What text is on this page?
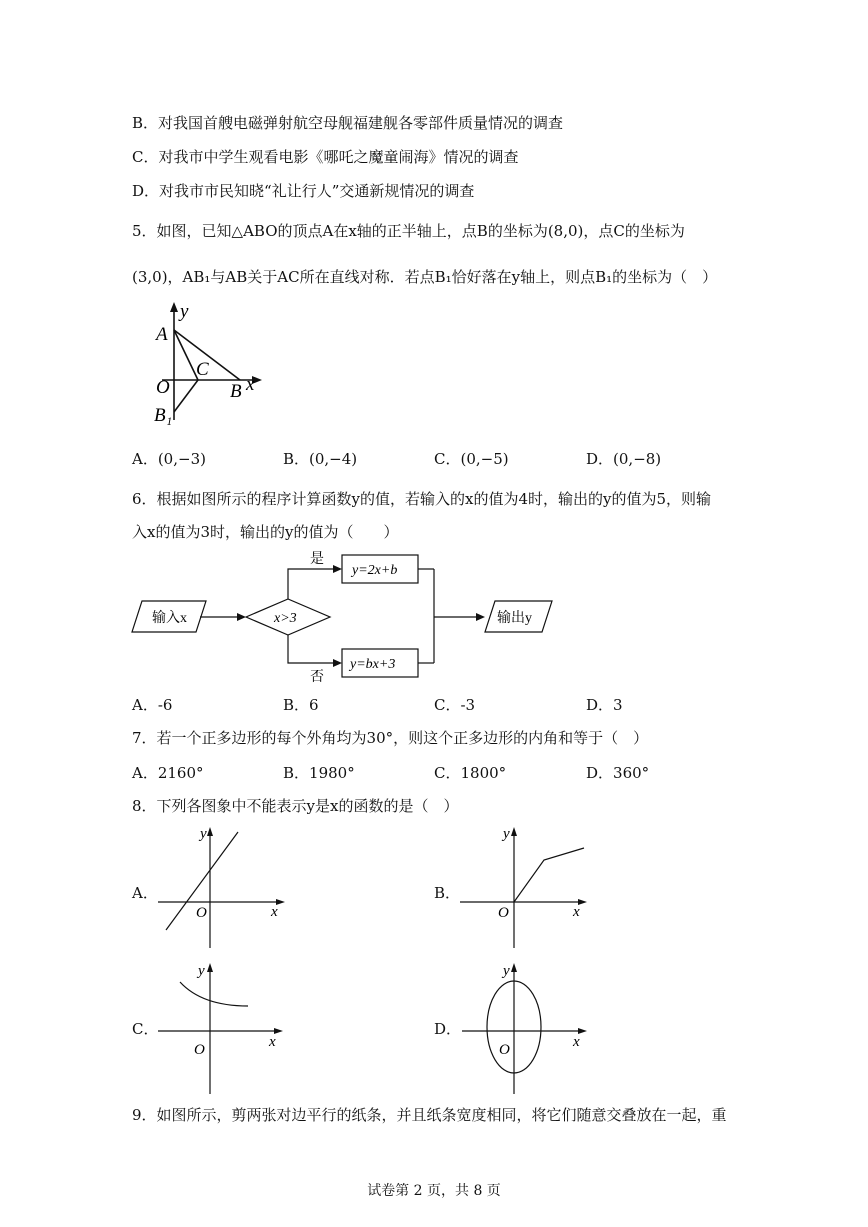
B．对我国首艘电磁弹射航空母舰福建舰各零部件质量情况的调查
C．对我市中学生观看电影《哪吒之魔童闹海》情况的调查
D．对我市市民知晓“礼让行人”交通新规情况的调查
5．如图，已知△ABO的顶点A在x轴的正半轴上，点B的坐标为(8,0)，点C的坐标为
(3,0)，AB₁与AB关于AC所在直线对称．若点B₁恰好落在y轴上，则点B₁的坐标为（　）
A
y
O
C
B x
B₁
A．(0,−3)	B．(0,−4)	C．(0,−5)	D．(0,−8)
6．根据如图所示的程序计算函数y的值，若输入的x的值为4时，输出的y的值为5，则输
入x的值为3时，输出的y的值为（　　）
输入x	x>3
是
否
y=2x+b
y=bx+3
输出y
A．-6	B．6	C．-3	D．3
7．若一个正多边形的每个外角均为30°，则这个正多边形的内角和等于（　）
A．2160°	B．1980°	C．1800°	D．360°
8．下列各图象中不能表示y是x的函数的是（　）
A．
y
O	x
B．
y
O	x
C．
y
O	x
D．
y
O	x
9．如图所示，剪两张对边平行的纸条，并且纸条宽度相同，将它们随意交叠放在一起，重
试卷第 2 页，共 8 页
